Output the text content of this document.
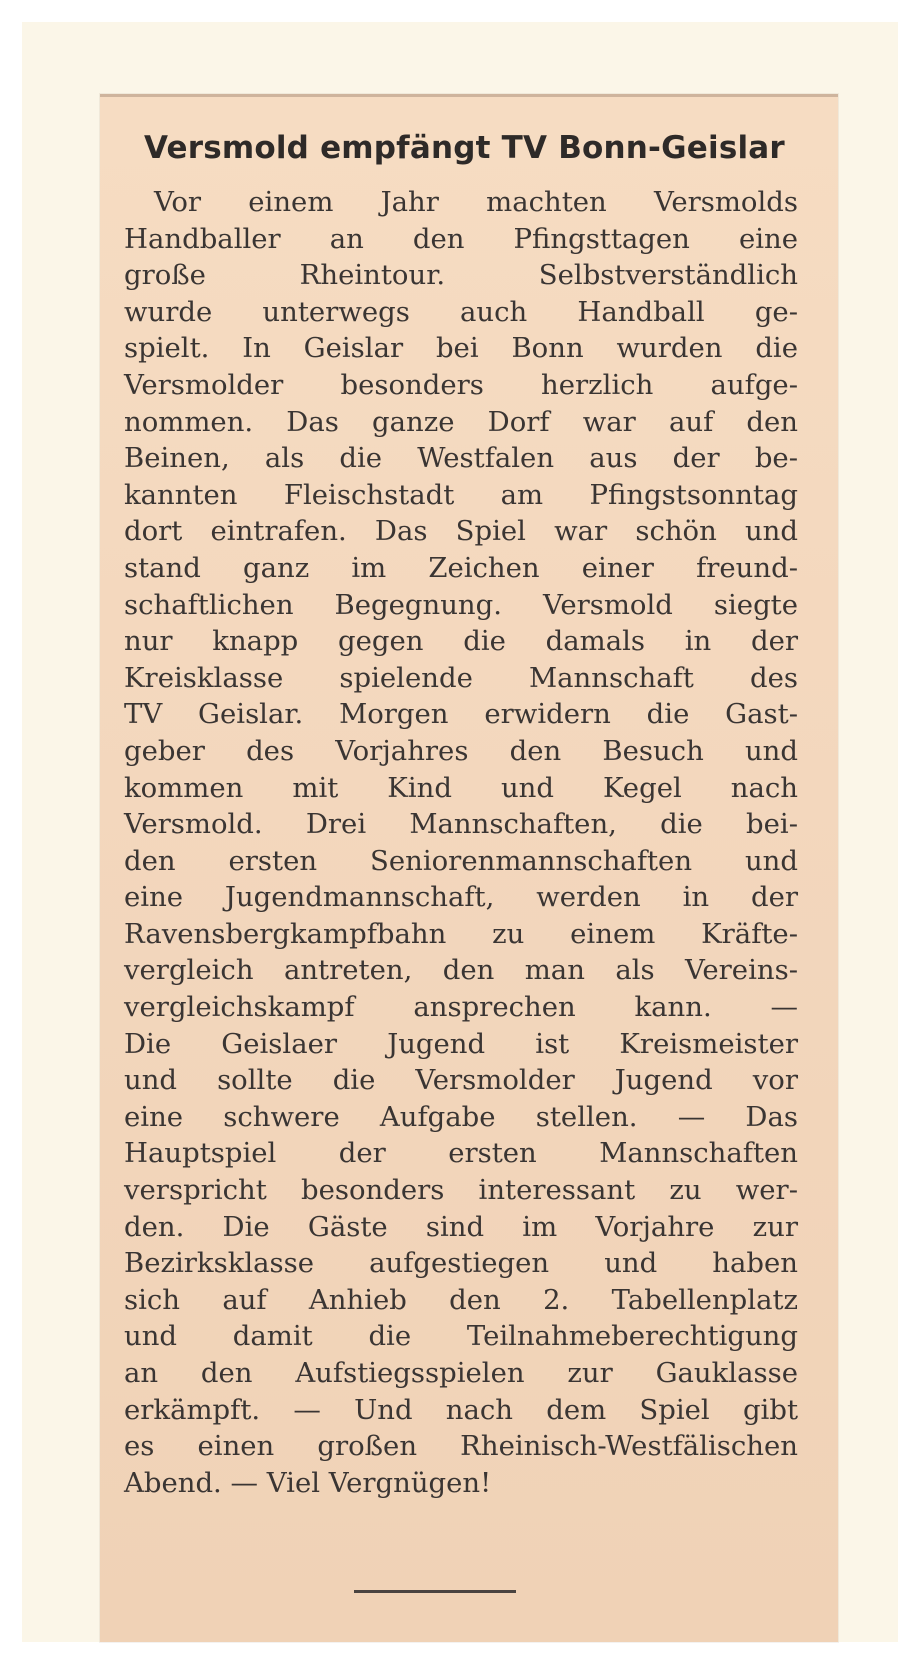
Versmold empfängt TV Bonn-Geislar
Vor einem Jahr machten Versmolds
Handballer an den Pfingsttagen eine
große Rheintour. Selbstverständlich
wurde unterwegs auch Handball ge-
spielt. In Geislar bei Bonn wurden die
Versmolder besonders herzlich aufge-
nommen. Das ganze Dorf war auf den
Beinen, als die Westfalen aus der be-
kannten Fleischstadt am Pfingstsonntag
dort eintrafen. Das Spiel war schön und
stand ganz im Zeichen einer freund-
schaftlichen Begegnung. Versmold siegte
nur knapp gegen die damals in der
Kreisklasse spielende Mannschaft des
TV Geislar. Morgen erwidern die Gast-
geber des Vorjahres den Besuch und
kommen mit Kind und Kegel nach
Versmold. Drei Mannschaften, die bei-
den ersten Seniorenmannschaften und
eine Jugendmannschaft, werden in der
Ravensbergkampfbahn zu einem Kräfte-
vergleich antreten, den man als Vereins-
vergleichskampf ansprechen kann. —
Die Geislaer Jugend ist Kreismeister
und sollte die Versmolder Jugend vor
eine schwere Aufgabe stellen. — Das
Hauptspiel der ersten Mannschaften
verspricht besonders interessant zu wer-
den. Die Gäste sind im Vorjahre zur
Bezirksklasse aufgestiegen und haben
sich auf Anhieb den 2. Tabellenplatz
und damit die Teilnahmeberechtigung
an den Aufstiegsspielen zur Gauklasse
erkämpft. — Und nach dem Spiel gibt
es einen großen Rheinisch-Westfälischen
Abend. — Viel Vergnügen!
